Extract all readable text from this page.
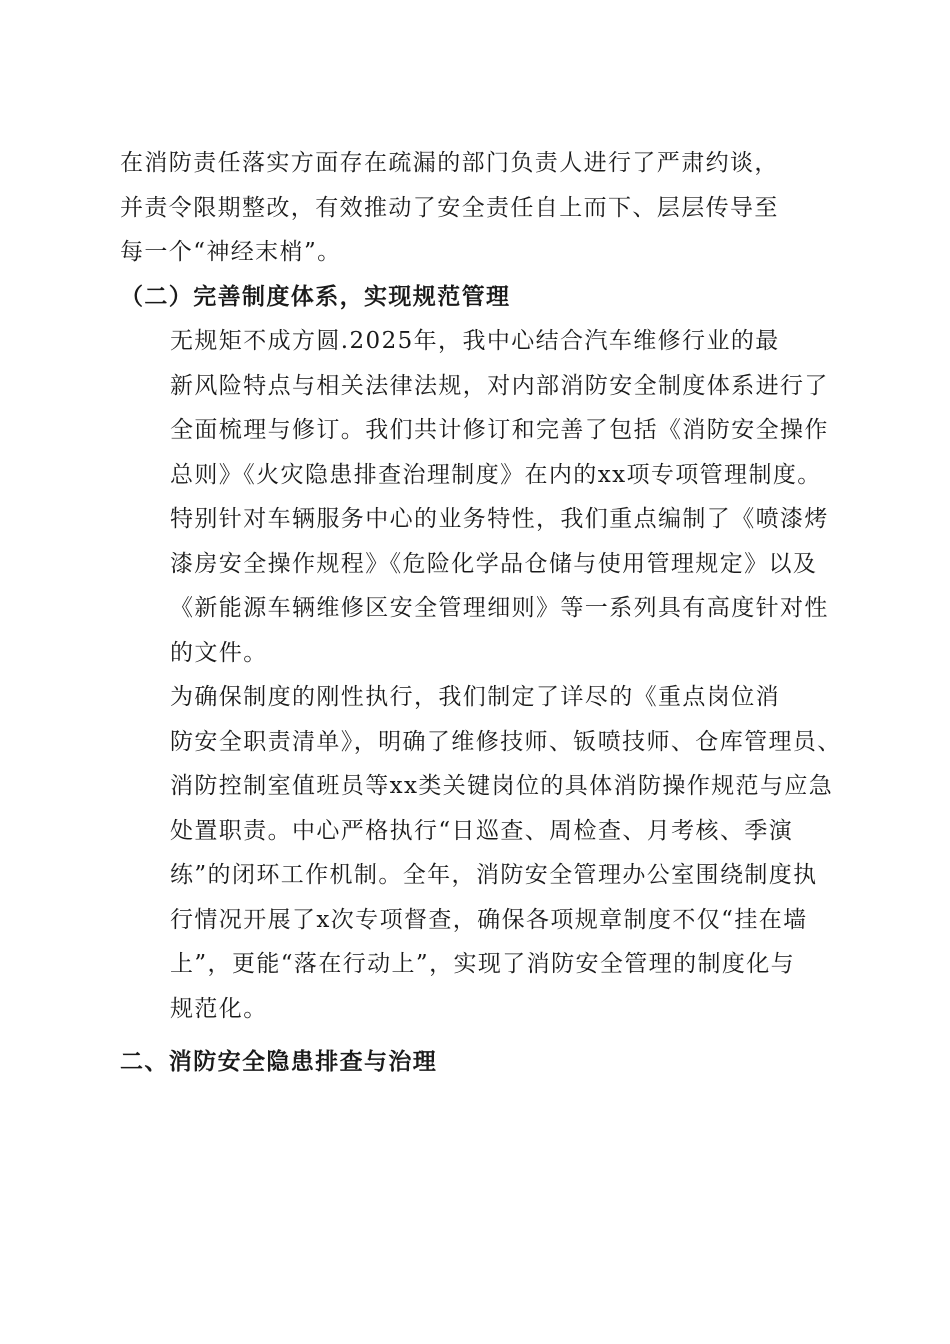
在消防责任落实方面存在疏漏的部门负责人进行了严肃约谈，
并责令限期整改，有效推动了安全责任自上而下、层层传导至
每一个“神经末梢”。

（二）完善制度体系，实现规范管理

无规矩不成方圆.2025年，我中心结合汽车维修行业的最

新风险特点与相关法律法规，对内部消防安全制度体系进行了
全面梳理与修订。我们共计修订和完善了包括《消防安全操作
总则》《火灾隐患排查治理制度》在内的xx项专项管理制度。
特别针对车辆服务中心的业务特性，我们重点编制了《喷漆烤
漆房安全操作规程》《危险化学品仓储与使用管理规定》以及
《新能源车辆维修区安全管理细则》等一系列具有高度针对性
的文件。

为确保制度的刚性执行，我们制定了详尽的《重点岗位消

防安全职责清单》，明确了维修技师、钣喷技师、仓库管理员、
消防控制室值班员等xx类关键岗位的具体消防操作规范与应急
处置职责。中心严格执行“日巡查、周检查、月考核、季演
练”的闭环工作机制。全年，消防安全管理办公室围绕制度执
行情况开展了x次专项督查，确保各项规章制度不仅“挂在墙
上”，更能“落在行动上”，实现了消防安全管理的制度化与
规范化。

二、消防安全隐患排查与治理
